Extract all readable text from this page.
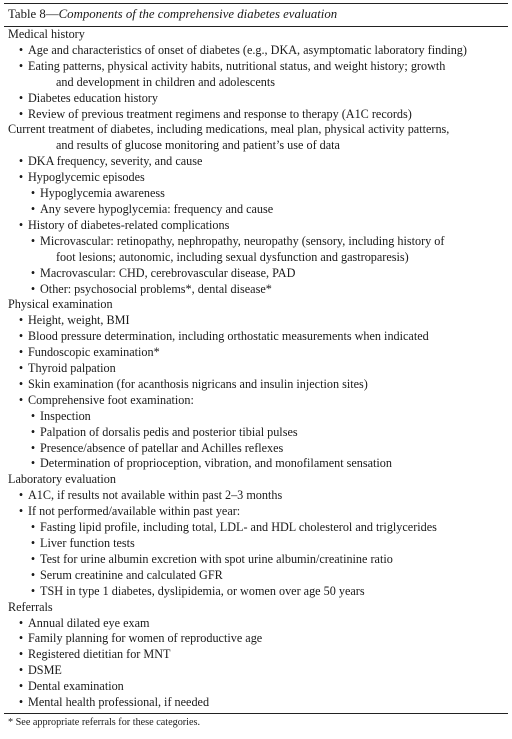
Table 8—Components of the comprehensive diabetes evaluation
Medical history
• Age and characteristics of onset of diabetes (e.g., DKA, asymptomatic laboratory finding)
• Eating patterns, physical activity habits, nutritional status, and weight history; growth
and development in children and adolescents
• Diabetes education history
• Review of previous treatment regimens and response to therapy (A1C records)
Current treatment of diabetes, including medications, meal plan, physical activity patterns,
and results of glucose monitoring and patient’s use of data
• DKA frequency, severity, and cause
• Hypoglycemic episodes
• Hypoglycemia awareness
• Any severe hypoglycemia: frequency and cause
• History of diabetes-related complications
• Microvascular: retinopathy, nephropathy, neuropathy (sensory, including history of
foot lesions; autonomic, including sexual dysfunction and gastroparesis)
• Macrovascular: CHD, cerebrovascular disease, PAD
• Other: psychosocial problems*, dental disease*
Physical examination
• Height, weight, BMI
• Blood pressure determination, including orthostatic measurements when indicated
• Fundoscopic examination*
• Thyroid palpation
• Skin examination (for acanthosis nigricans and insulin injection sites)
• Comprehensive foot examination:
• Inspection
• Palpation of dorsalis pedis and posterior tibial pulses
• Presence/absence of patellar and Achilles reflexes
• Determination of proprioception, vibration, and monofilament sensation
Laboratory evaluation
• A1C, if results not available within past 2–3 months
• If not performed/available within past year:
• Fasting lipid profile, including total, LDL- and HDL cholesterol and triglycerides
• Liver function tests
• Test for urine albumin excretion with spot urine albumin/creatinine ratio
• Serum creatinine and calculated GFR
• TSH in type 1 diabetes, dyslipidemia, or women over age 50 years
Referrals
• Annual dilated eye exam
• Family planning for women of reproductive age
• Registered dietitian for MNT
• DSME
• Dental examination
• Mental health professional, if needed
* See appropriate referrals for these categories.
